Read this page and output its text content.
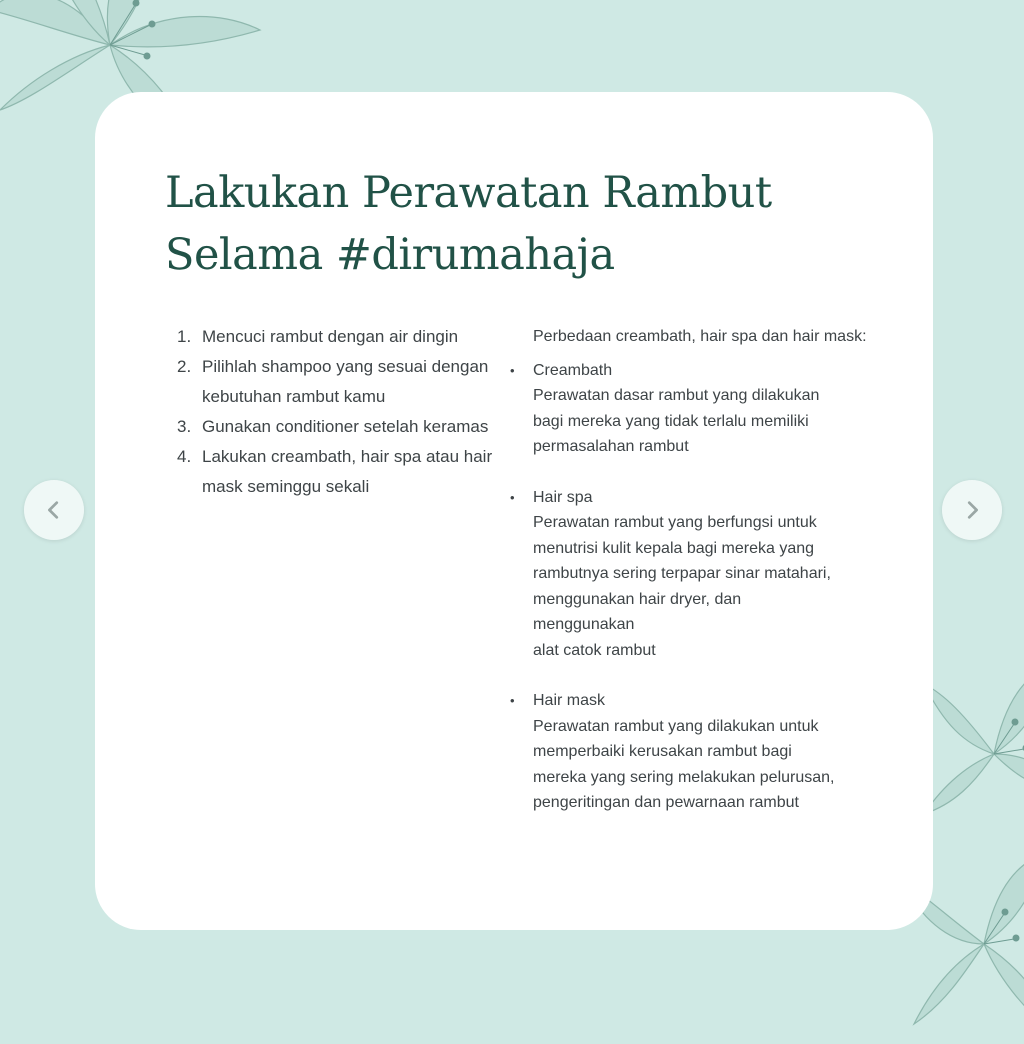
Lakukan Perawatan Rambut
Selama #dirumahaja
1. Mencuci rambut dengan air dingin
2. Pilihlah shampoo yang sesuai dengan kebutuhan rambut kamu
3. Gunakan conditioner setelah keramas
4. Lakukan creambath, hair spa atau hair mask seminggu sekali

Perbedaan creambath, hair spa dan hair mask:

• Creambath
Perawatan dasar rambut yang dilakukan
bagi mereka yang tidak terlalu memiliki
permasalahan rambut
• Hair spa
Perawatan rambut yang berfungsi untuk
menutrisi kulit kepala bagi mereka yang
rambutnya sering terpapar sinar matahari,
menggunakan hair dryer, dan
menggunakan
alat catok rambut
• Hair mask
Perawatan rambut yang dilakukan untuk
memperbaiki kerusakan rambut bagi
mereka yang sering melakukan pelurusan,
pengeritingan dan pewarnaan rambut
